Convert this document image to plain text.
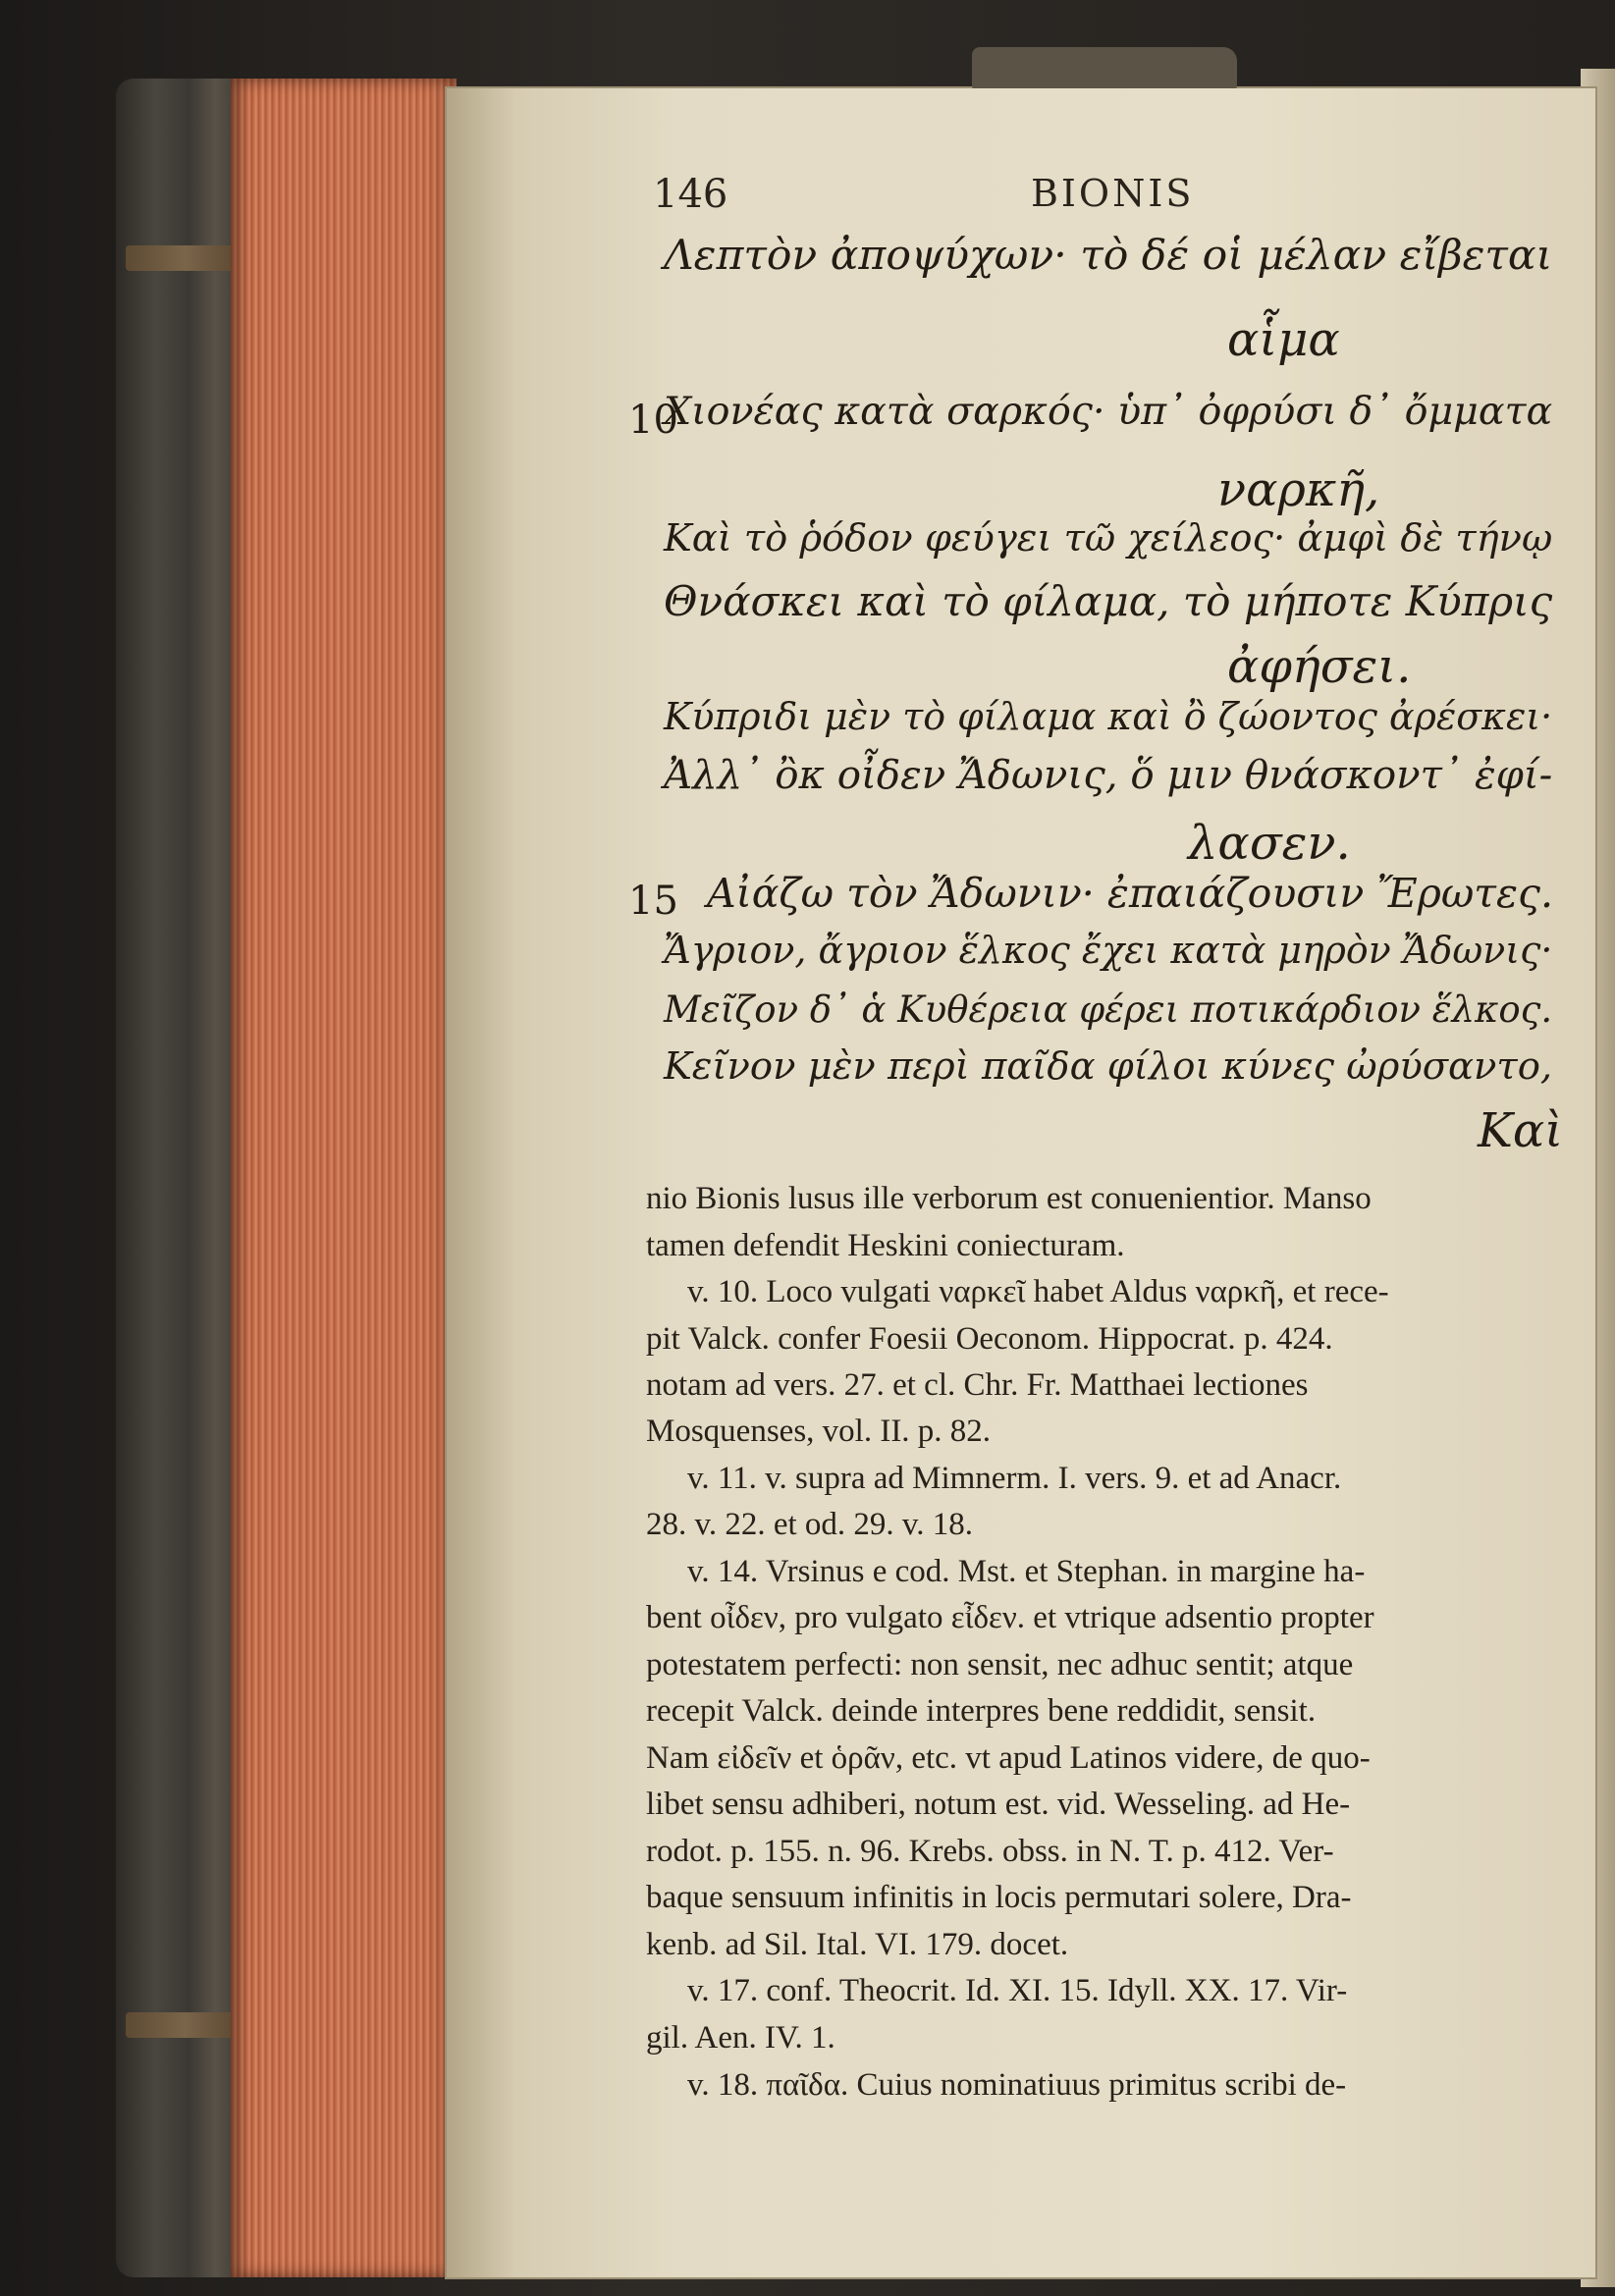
146	BIONIS
Λεπτὸν ἀποψύχων· τὸ δέ οἱ μέλαν εἴβεται
αἷμα
10
Χιονέας κατὰ σαρκός· ὑπ᾽ ὀφρύσι δ᾽ ὄμματα
ναρκῆ,
Καὶ τὸ ῥόδον φεύγει τῶ χείλεος· ἀμφὶ δὲ τήνῳ
Θνάσκει καὶ τὸ φίλαμα, τὸ μήποτε Κύπρις
ἀφήσει.
Κύπριδι μὲν τὸ φίλαμα καὶ ὂ ζώοντος ἀρέσκει·
Ἀλλ᾽ ὂκ οἶδεν Ἄδωνις, ὅ μιν θνάσκοντ᾽ ἐφί-
λασεν.
15 Αἰάζω τὸν Ἄδωνιν· ἐπαιάζουσιν Ἔρωτες.
Ἄγριον, ἄγριον ἕλκος ἔχει κατὰ μηρὸν Ἄδωνις·
Μεῖζον δ᾽ ἁ Κυθέρεια φέρει ποτικάρδιον ἕλκος.
Κεῖνον μὲν περὶ παῖδα φίλοι κύνες ὠρύσαντο,
Καὶ
nio Bionis lusus ille verborum est conuenientior. Manso
tamen defendit Heskini coniecturam.
v. 10. Loco vulgati ναρκεῖ habet Aldus ναρκῆ, et rece-
pit Valck. confer Foesii Oeconom. Hippocrat. p. 424.
notam ad vers. 27. et cl. Chr. Fr. Matthaei lectiones
Mosquenses, vol. II. p. 82.
v. 11. v. supra ad Mimnerm. I. vers. 9. et ad Anacr.
28. v. 22. et od. 29. v. 18.
v. 14. Vrsinus e cod. Mst. et Stephan. in margine ha-
bent οἶδεν, pro vulgato εἶδεν. et vtrique adsentio propter
potestatem perfecti: non sensit, nec adhuc sentit; atque
recepit Valck. deinde interpres bene reddidit, sensit.
Nam εἰδεῖν et ὁρᾶν, etc. vt apud Latinos videre, de quo-
libet sensu adhiberi, notum est. vid. Wesseling. ad He-
rodot. p. 155. n. 96. Krebs. obss. in N. T. p. 412. Ver-
baque sensuum infinitis in locis permutari solere, Dra-
kenb. ad Sil. Ital. VI. 179. docet.
v. 17. conf. Theocrit. Id. XI. 15. Idyll. XX. 17. Vir-
gil. Aen. IV. 1.
v. 18. παῖδα. Cuius nominatiuus primitus scribi de-
